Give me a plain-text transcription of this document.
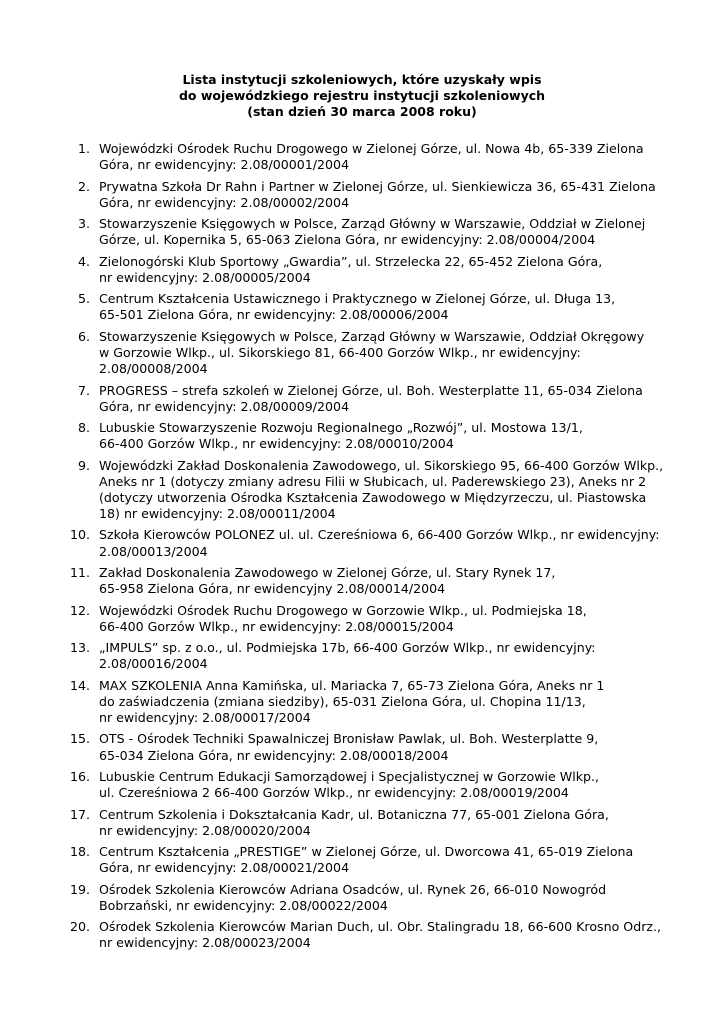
Lista instytucji szkoleniowych, które uzyskały wpis
do wojewódzkiego rejestru instytucji szkoleniowych
(stan dzień 30 marca 2008 roku)
1. Wojewódzki Ośrodek Ruchu Drogowego w Zielonej Górze, ul. Nowa 4b, 65-339 Zielona
Góra, nr ewidencyjny: 2.08/00001/2004
2. Prywatna Szkoła Dr Rahn i Partner w Zielonej Górze, ul. Sienkiewicza 36, 65-431 Zielona
Góra, nr ewidencyjny: 2.08/00002/2004
3. Stowarzyszenie Księgowych w Polsce, Zarząd Główny w Warszawie, Oddział w Zielonej
Górze, ul. Kopernika 5, 65-063 Zielona Góra, nr ewidencyjny: 2.08/00004/2004
4. Zielonogórski Klub Sportowy „Gwardia”, ul. Strzelecka 22, 65-452 Zielona Góra,
nr ewidencyjny: 2.08/00005/2004
5. Centrum Kształcenia Ustawicznego i Praktycznego w Zielonej Górze, ul. Długa 13,
65-501 Zielona Góra, nr ewidencyjny: 2.08/00006/2004
6. Stowarzyszenie Księgowych w Polsce, Zarząd Główny w Warszawie, Oddział Okręgowy
w Gorzowie Wlkp., ul. Sikorskiego 81, 66-400 Gorzów Wlkp., nr ewidencyjny:
2.08/00008/2004
7. PROGRESS – strefa szkoleń w Zielonej Górze, ul. Boh. Westerplatte 11, 65-034 Zielona
Góra, nr ewidencyjny: 2.08/00009/2004
8. Lubuskie Stowarzyszenie Rozwoju Regionalnego „Rozwój”, ul. Mostowa 13/1,
66-400 Gorzów Wlkp., nr ewidencyjny: 2.08/00010/2004
9. Wojewódzki Zakład Doskonalenia Zawodowego, ul. Sikorskiego 95, 66-400 Gorzów Wlkp.,
Aneks nr 1 (dotyczy zmiany adresu Filii w Słubicach, ul. Paderewskiego 23), Aneks nr 2
(dotyczy utworzenia Ośrodka Kształcenia Zawodowego w Międzyrzeczu, ul. Piastowska
18) nr ewidencyjny: 2.08/00011/2004
10. Szkoła Kierowców POLONEZ ul. ul. Czereśniowa 6, 66-400 Gorzów Wlkp., nr ewidencyjny:
2.08/00013/2004
11. Zakład Doskonalenia Zawodowego w Zielonej Górze, ul. Stary Rynek 17,
65-958 Zielona Góra, nr ewidencyjny 2.08/00014/2004
12. Wojewódzki Ośrodek Ruchu Drogowego w Gorzowie Wlkp., ul. Podmiejska 18,
66-400 Gorzów Wlkp., nr ewidencyjny: 2.08/00015/2004
13. „IMPULS” sp. z o.o., ul. Podmiejska 17b, 66-400 Gorzów Wlkp., nr ewidencyjny:
2.08/00016/2004
14. MAX SZKOLENIA Anna Kamińska, ul. Mariacka 7, 65-73 Zielona Góra, Aneks nr 1
do zaświadczenia (zmiana siedziby), 65-031 Zielona Góra, ul. Chopina 11/13,
nr ewidencyjny: 2.08/00017/2004
15. OTS - Ośrodek Techniki Spawalniczej Bronisław Pawlak, ul. Boh. Westerplatte 9,
65-034 Zielona Góra, nr ewidencyjny: 2.08/00018/2004
16. Lubuskie Centrum Edukacji Samorządowej i Specjalistycznej w Gorzowie Wlkp.,
ul. Czereśniowa 2 66-400 Gorzów Wlkp., nr ewidencyjny: 2.08/00019/2004
17. Centrum Szkolenia i Dokształcania Kadr, ul. Botaniczna 77, 65-001 Zielona Góra,
nr ewidencyjny: 2.08/00020/2004
18. Centrum Kształcenia „PRESTIGE” w Zielonej Górze, ul. Dworcowa 41, 65-019 Zielona
Góra, nr ewidencyjny: 2.08/00021/2004
19. Ośrodek Szkolenia Kierowców Adriana Osadców, ul. Rynek 26, 66-010 Nowogród
Bobrzański, nr ewidencyjny: 2.08/00022/2004
20. Ośrodek Szkolenia Kierowców Marian Duch, ul. Obr. Stalingradu 18, 66-600 Krosno Odrz.,
nr ewidencyjny: 2.08/00023/2004
